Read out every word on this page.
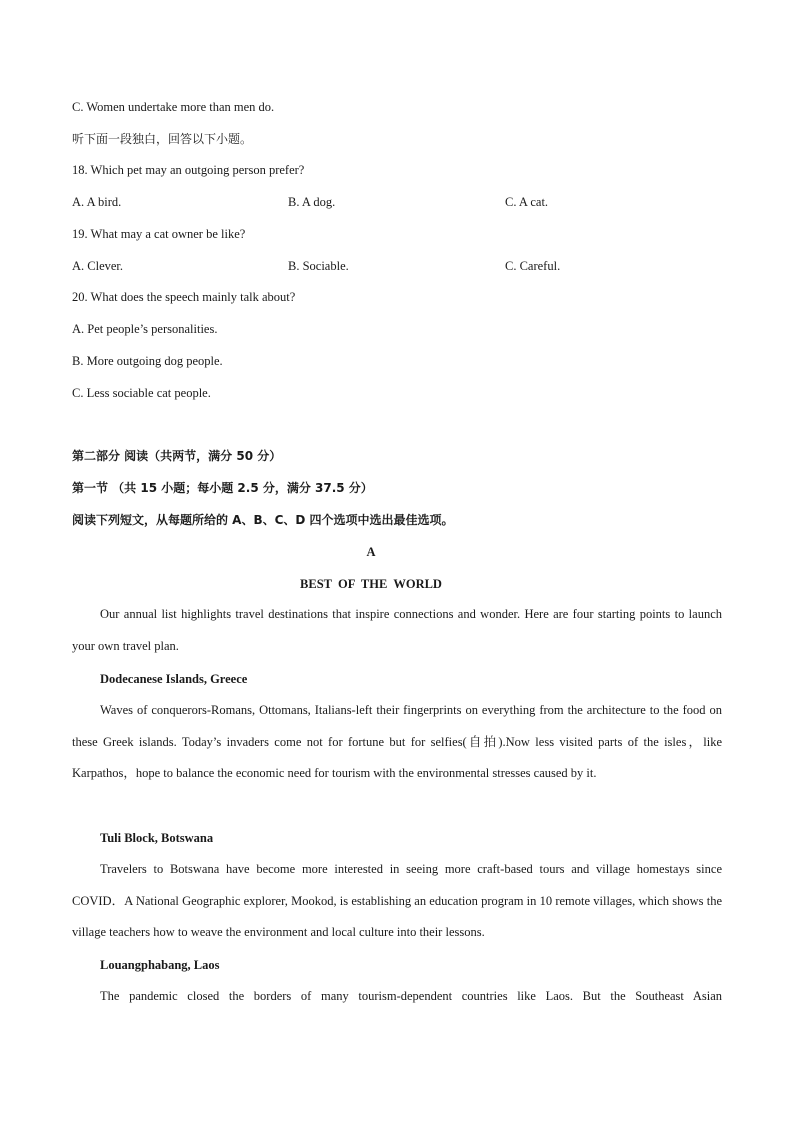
C. Women undertake more than men do.
听下面一段独白，回答以下小题。
18. Which pet may an outgoing person prefer?
A. A bird.	B. A dog.	C. A cat.
19. What may a cat owner be like?
A. Clever.	B. Sociable.	C. Careful.
20. What does the speech mainly talk about?
A. Pet people’s personalities.
B. More outgoing dog people.
C. Less sociable cat people.
第二部分 阅读（共两节，满分 50 分）
第一节 （共 15 小题；每小题 2.5 分，满分 37.5 分）
阅读下列短文，从每题所给的 A、B、C、D 四个选项中选出最佳选项。
A
BEST  OF  THE  WORLD
Our annual list highlights travel destinations that inspire connections and wonder. Here are four starting points to launch your own travel plan.
Dodecanese Islands, Greece
Waves of conquerors-Romans, Ottomans, Italians-left their fingerprints on everything from the architecture to the food on these Greek islands. Today’s invaders come not for fortune but for selfies(自拍).Now less visited parts of the isles，like Karpathos，hope to balance the economic need for tourism with the environmental stresses caused by it.
Tuli Block, Botswana
Travelers to Botswana have become more interested in seeing more craft-based tours and village homestays since COVID．A National Geographic explorer, Mookod, is establishing an education program in 10 remote villages, which shows the village teachers how to weave the environment and local culture into their lessons.
Louangphabang, Laos
The pandemic closed the borders of many tourism-dependent countries like Laos. But the Southeast Asian
